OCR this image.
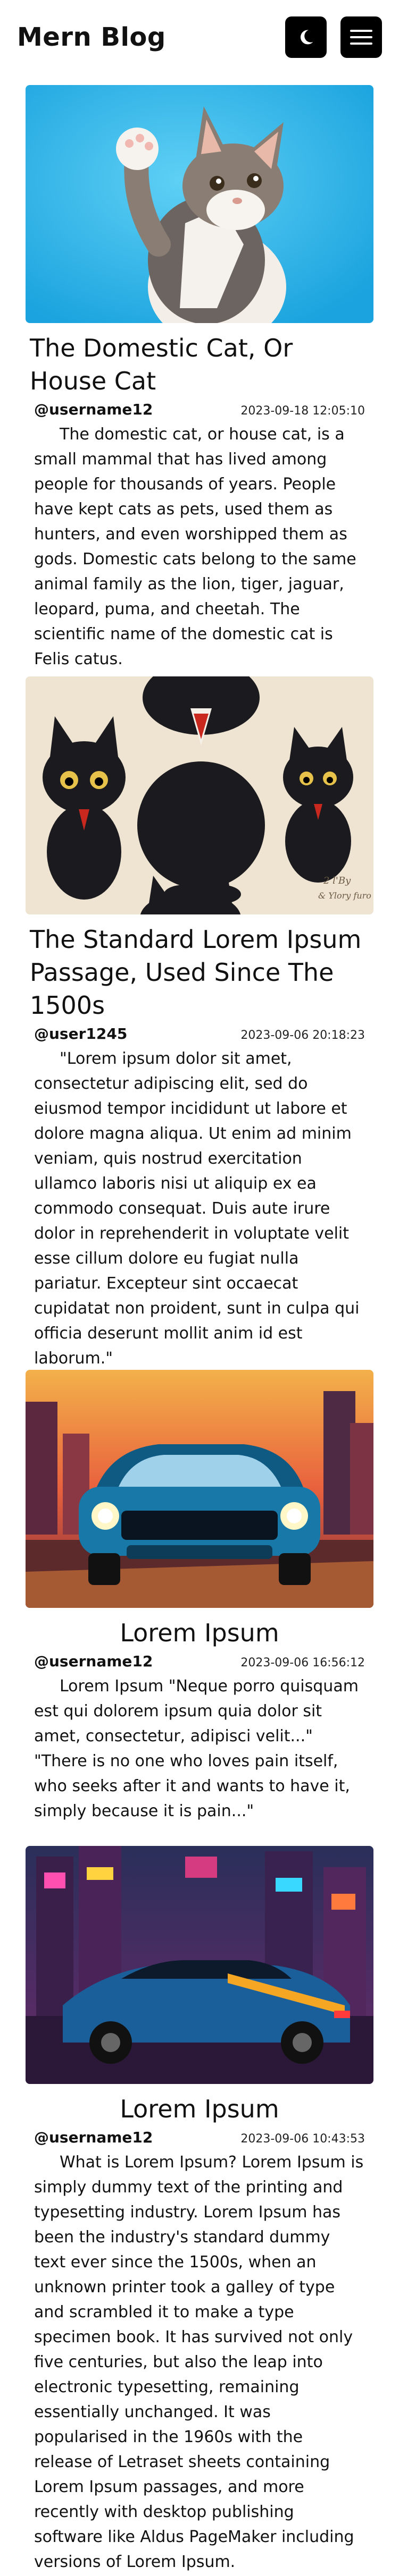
Mern Blog
The Domestic Cat, Or House Cat
@username12	2023-09-18 12:05:10

The domestic cat, or house cat, is a small mammal that has lived among people for thousands of years. People have kept cats as pets, used them as hunters, and even worshipped them as gods. Domestic cats belong to the same animal family as the lion, tiger, jaguar, leopard, puma, and cheetah. The scientific name of the domestic cat is Felis catus.

2 l'By
& Ylory furo
The Standard Lorem Ipsum Passage, Used Since The 1500s
@user1245	2023-09-06 20:18:23

"Lorem ipsum dolor sit amet, consectetur adipiscing elit, sed do eiusmod tempor incididunt ut labore et dolore magna aliqua. Ut enim ad minim veniam, quis nostrud exercitation ullamco laboris nisi ut aliquip ex ea commodo consequat. Duis aute irure dolor in reprehenderit in voluptate velit esse cillum dolore eu fugiat nulla pariatur. Excepteur sint occaecat cupidatat non proident, sunt in culpa qui officia deserunt mollit anim id est laborum."

Lorem Ipsum
@username12	2023-09-06 16:56:12

Lorem Ipsum "Neque porro quisquam est qui dolorem ipsum quia dolor sit amet, consectetur, adipisci velit..." "There is no one who loves pain itself, who seeks after it and wants to have it, simply because it is pain..."

Lorem Ipsum
@username12	2023-09-06 10:43:53

What is Lorem Ipsum? Lorem Ipsum is simply dummy text of the printing and typesetting industry. Lorem Ipsum has been the industry's standard dummy text ever since the 1500s, when an unknown printer took a galley of type and scrambled it to make a type specimen book. It has survived not only five centuries, but also the leap into electronic typesetting, remaining essentially unchanged. It was popularised in the 1960s with the release of Letraset sheets containing Lorem Ipsum passages, and more recently with desktop publishing software like Aldus PageMaker including versions of Lorem Ipsum.
